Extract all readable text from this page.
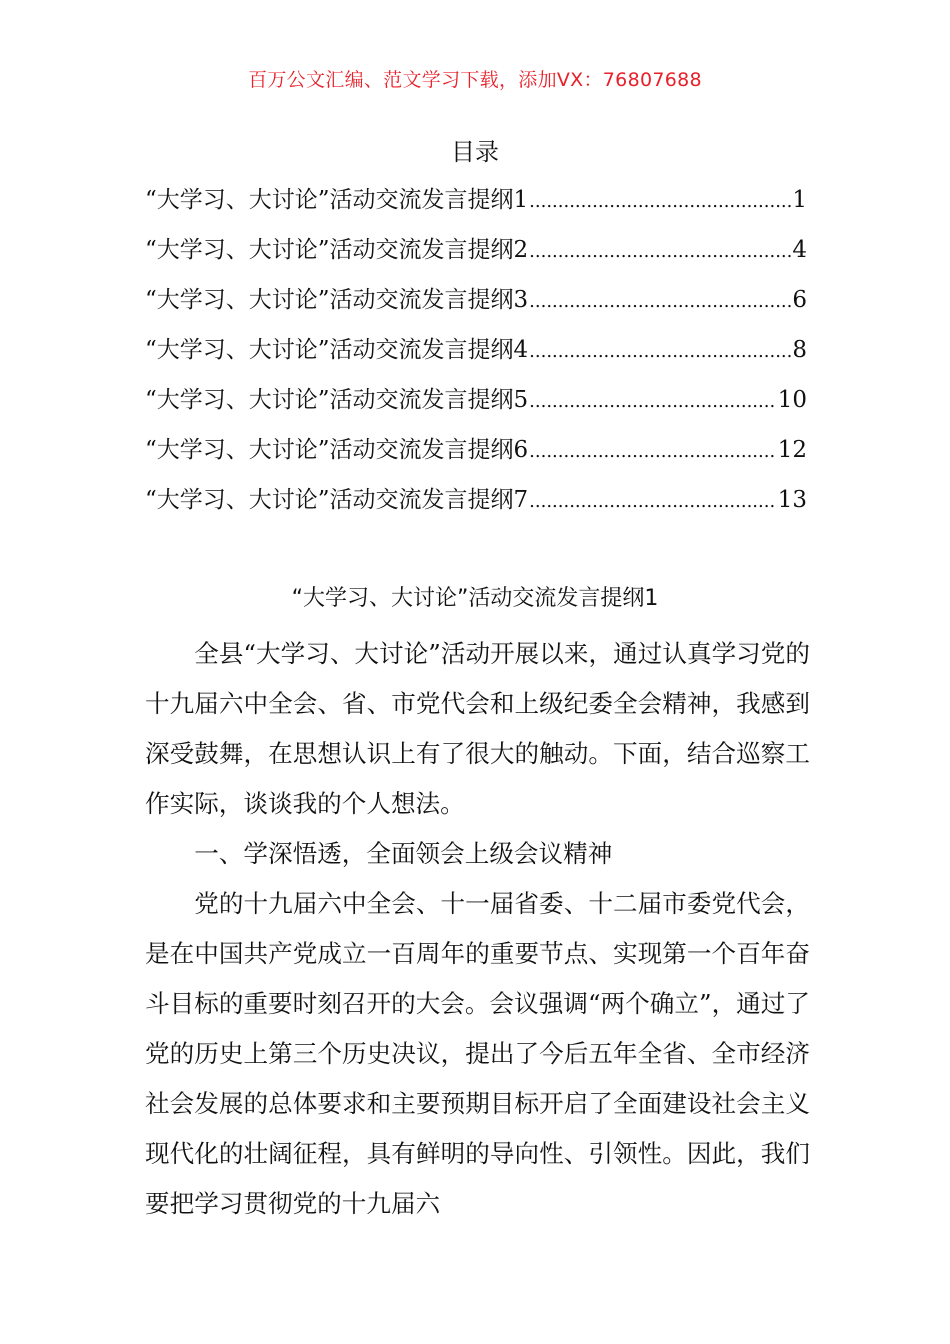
百万公文汇编、范文学习下载，添加VX：76807688
目录
“大学习、大讨论”活动交流发言提纲1 .....	1
“大学习、大讨论”活动交流发言提纲2 .....	4
“大学习、大讨论”活动交流发言提纲3 .....	6
“大学习、大讨论”活动交流发言提纲4 .....	8
“大学习、大讨论”活动交流发言提纲5 .....	10
“大学习、大讨论”活动交流发言提纲6 .....	12
“大学习、大讨论”活动交流发言提纲7 .....	13
“大学习、大讨论”活动交流发言提纲1

全县“大学习、大讨论”活动开展以来，通过认真学习党的十九届六中全会、省、市党代会和上级纪委全会精神，我感到深受鼓舞，在思想认识上有了很大的触动。下面，结合巡察工作实际，谈谈我的个人想法。

一、学深悟透，全面领会上级会议精神

党的十九届六中全会、十一届省委、十二届市委党代会，是在中国共产党成立一百周年的重要节点、实现第一个百年奋斗目标的重要时刻召开的大会。会议强调“两个确立”，通过了党的历史上第三个历史决议，提出了今后五年全省、全市经济社会发展的总体要求和主要预期目标开启了全面建设社会主义现代化的壮阔征程，具有鲜明的导向性、引领性。因此，我们要把学习贯彻党的十九届六
